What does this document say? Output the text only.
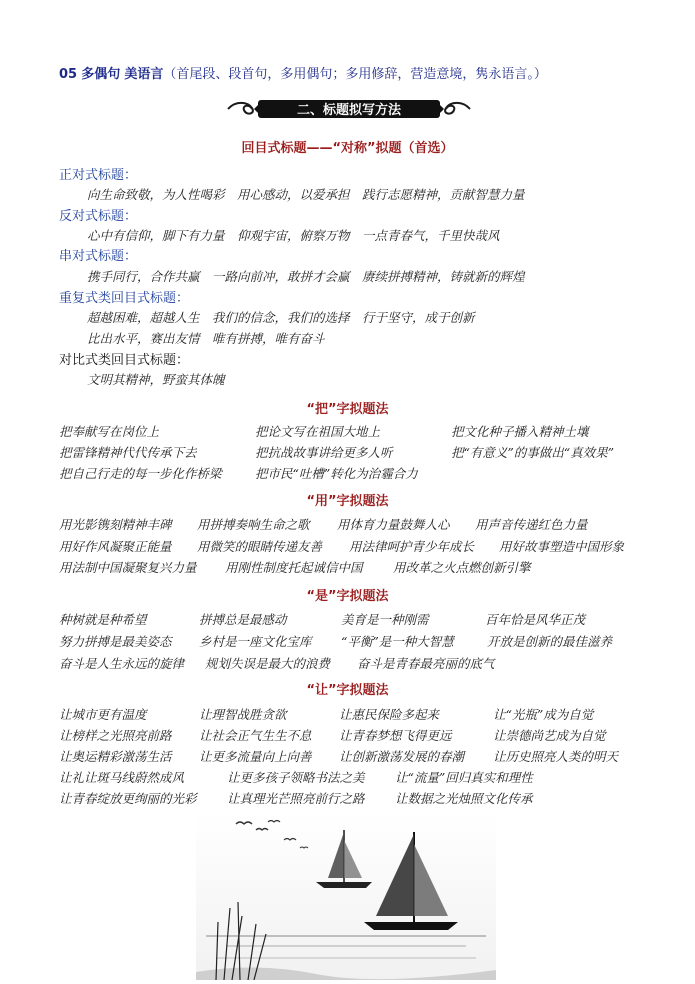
05 多偶句 美语言（首尾段、段首句，多用偶句；多用修辞，营造意境，隽永语言。）
二、标题拟写方法
回目式标题——“对称”拟题（首选）
正对式标题：
向生命致敬，为人性喝彩　用心感动，以爱承担　践行志愿精神，贡献智慧力量
反对式标题：
心中有信仰，脚下有力量　仰观宇宙，俯察万物　一点青春气，千里快哉风
串对式标题：
携手同行，合作共赢　一路向前冲，敢拼才会赢　赓续拼搏精神，铸就新的辉煌
重复式类回目式标题：
超越困难，超越人生　我们的信念，我们的选择　行于坚守，成于创新
比出水平，赛出友情　唯有拼搏，唯有奋斗
对比式类回目式标题：
文明其精神，野蛮其体魄
“把”字拟题法
把奉献写在岗位上	把论文写在祖国大地上	把文化种子播入精神土壤
把雷锋精神代代传承下去	把抗战故事讲给更多人听	把“有意义”的事做出“真效果”
把自己行走的每一步化作桥梁	把市民“吐槽”转化为治霾合力
“用”字拟题法
用光影镌刻精神丰碑 用拼搏奏响生命之歌 用体育力量鼓舞人心 用声音传递红色力量
用好作风凝聚正能量 用微笑的眼睛传递友善 用法律呵护青少年成长 用好故事塑造中国形象
用法制中国凝聚复兴力量 用刚性制度托起诚信中国 用改革之火点燃创新引擎
“是”字拟题法
种树就是种希望	拼搏总是最感动	美育是一种刚需	百年恰是风华正茂
努力拼搏是最美姿态 乡村是一座文化宝库 “平衡”是一种大智慧	开放是创新的最佳滋养
奋斗是人生永远的旋律 规划失误是最大的浪费 奋斗是青春最亮丽的底气
“让”字拟题法
让城市更有温度	让理智战胜贪欲	让惠民保险多起来	让“光瓶”成为自觉
让榜样之光照亮前路 让社会正气生生不息 让青春梦想飞得更远	让崇德尚艺成为自觉
让奥运精彩激荡生活 让更多流量向上向善 让创新激荡发展的春潮 让历史照亮人类的明天
让礼让斑马线蔚然成风	让更多孩子领略书法之美 让“流量”回归真实和理性
让青春绽放更绚丽的光彩 让真理光芒照亮前行之路 让数据之光烛照文化传承
